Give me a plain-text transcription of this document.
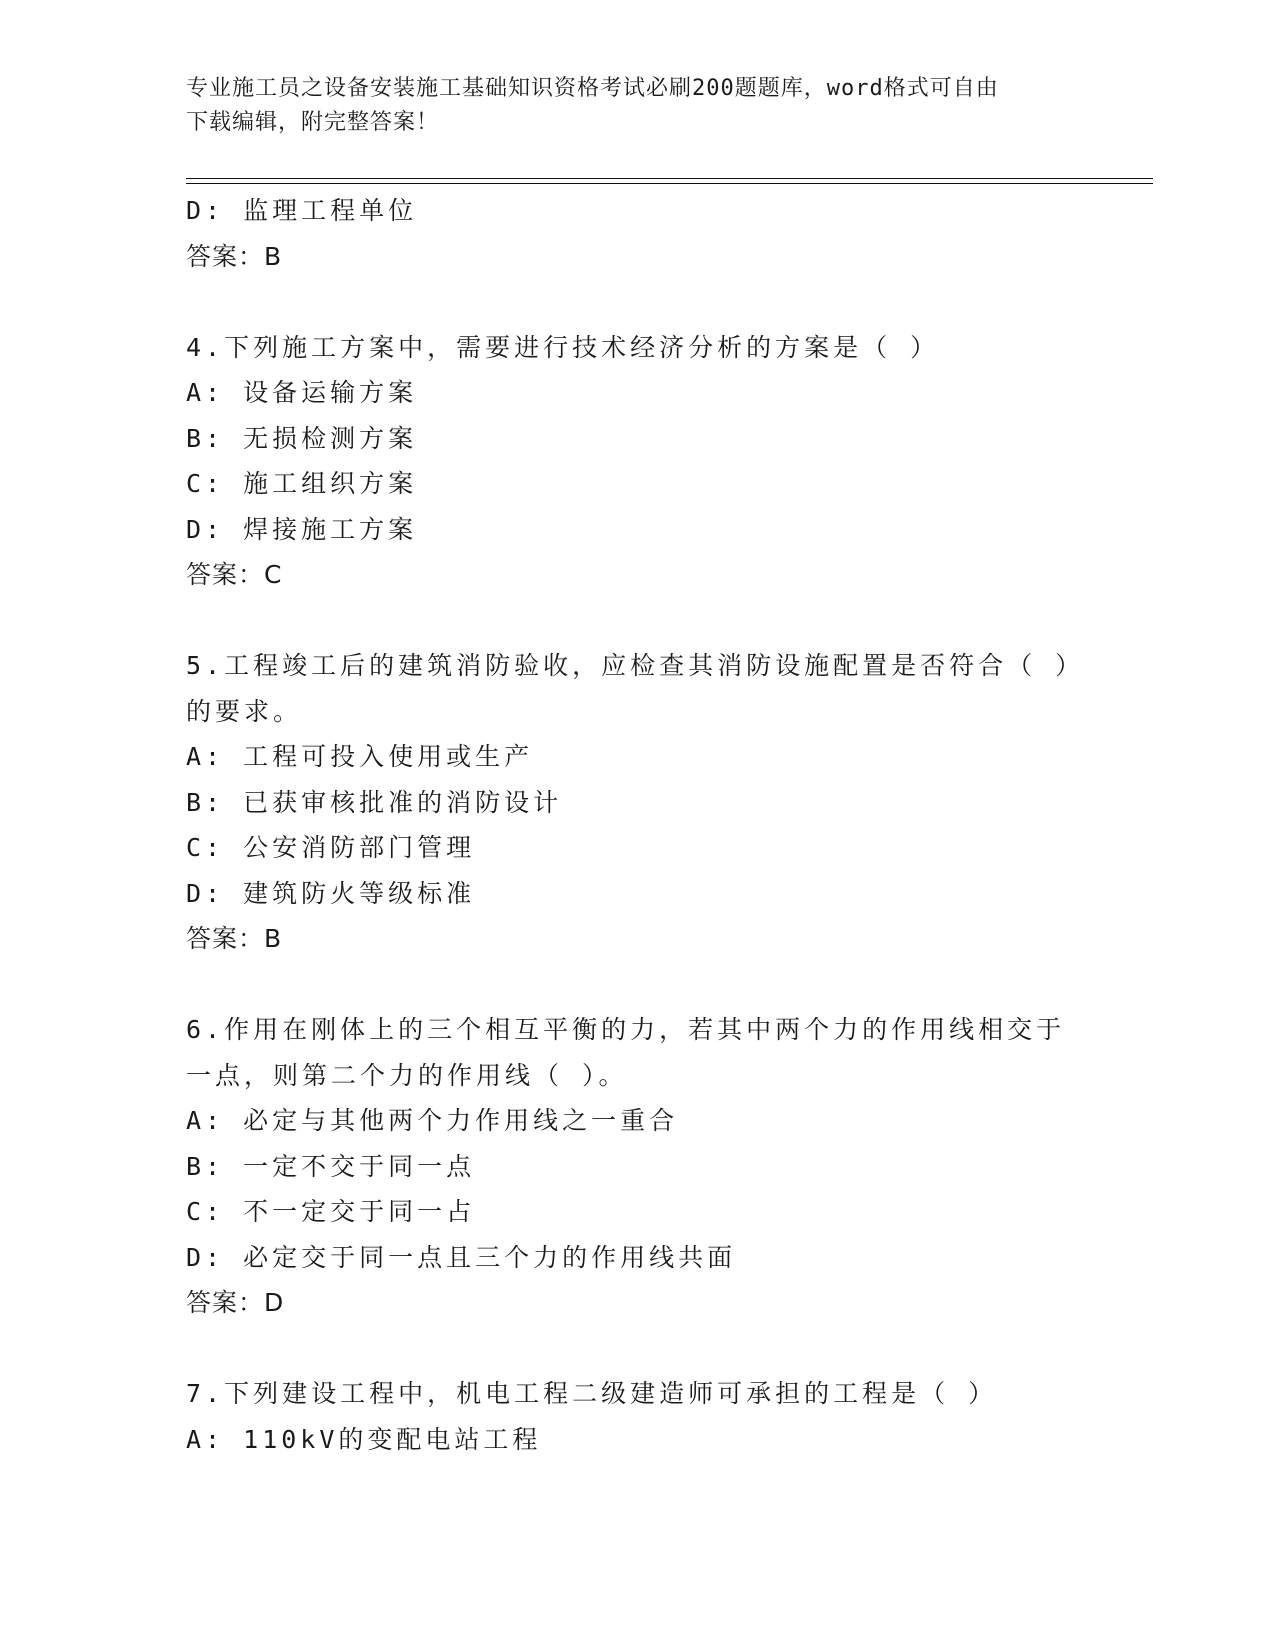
专业施工员之设备安装施工基础知识资格考试必刷200题题库，word格式可自由
下载编辑，附完整答案！
D: 监理工程单位
答案：B
4.下列施工方案中，需要进行技术经济分析的方案是（ ）
A: 设备运输方案
B: 无损检测方案
C: 施工组织方案
D: 焊接施工方案
答案：C
5.工程竣工后的建筑消防验收，应检查其消防设施配置是否符合（ ）
的要求。
A: 工程可投入使用或生产
B: 已获审核批准的消防设计
C: 公安消防部门管理
D: 建筑防火等级标准
答案：B
6.作用在刚体上的三个相互平衡的力，若其中两个力的作用线相交于
一点，则第二个力的作用线（ ）。
A: 必定与其他两个力作用线之一重合
B: 一定不交于同一点
C: 不一定交于同一占
D: 必定交于同一点且三个力的作用线共面
答案：D
7.下列建设工程中，机电工程二级建造师可承担的工程是（ ）
A: 110kV的变配电站工程
